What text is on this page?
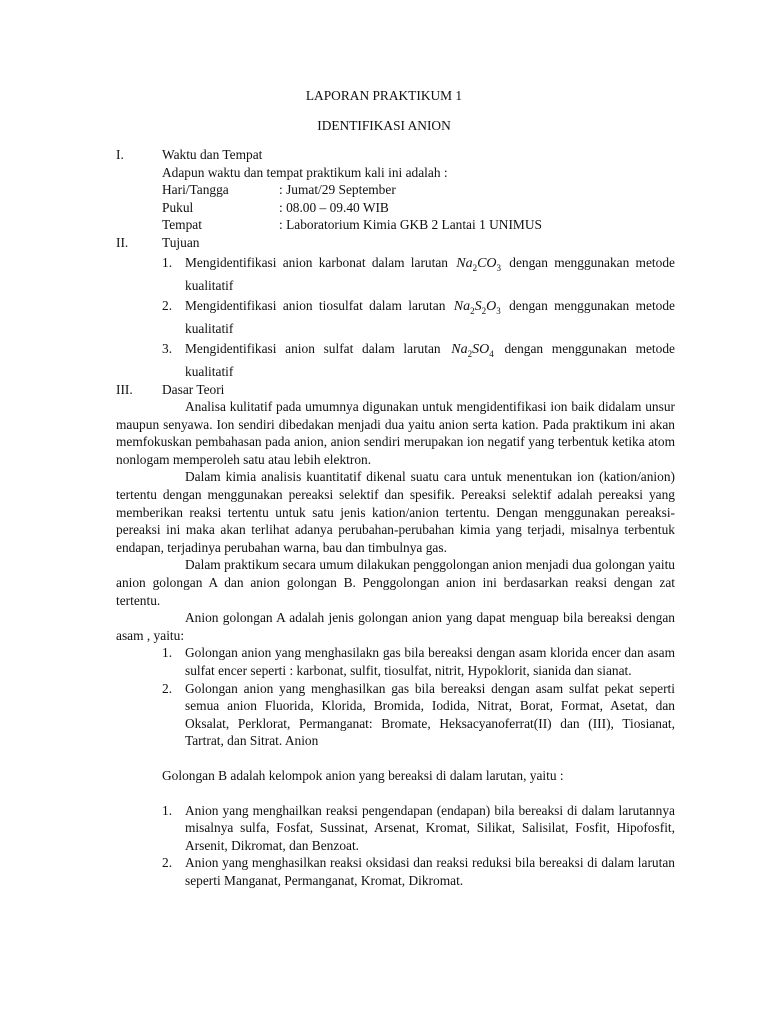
LAPORAN PRAKTIKUM 1
IDENTIFIKASI ANION
I.	Waktu dan Tempat
Adapun waktu dan tempat praktikum kali ini adalah :
Hari/Tangga	: Jumat/29 September
Pukul	: 08.00 – 09.40 WIB
Tempat	: Laboratorium Kimia GKB 2 Lantai 1 UNIMUS
II.	Tujuan
1. Mengidentifikasi anion karbonat dalam larutan $Na_2CO_3$ dengan menggunakan metode kualitatif
2. Mengidentifikasi anion tiosulfat dalam larutan $Na_2S_2O_3$ dengan menggunakan metode kualitatif
3. Mengidentifikasi anion sulfat dalam larutan $Na_2SO_4$ dengan menggunakan metode kualitatif
III.	Dasar Teori
Analisa kulitatif pada umumnya digunakan untuk mengidentifikasi ion baik didalam unsur maupun senyawa. Ion sendiri dibedakan menjadi dua yaitu anion serta kation. Pada praktikum ini akan memfokuskan pembahasan pada anion, anion sendiri merupakan ion negatif yang terbentuk ketika atom nonlogam memperoleh satu atau lebih elektron.
Dalam kimia analisis kuantitatif dikenal suatu cara untuk menentukan ion (kation/anion) tertentu dengan menggunakan pereaksi selektif dan spesifik. Pereaksi selektif adalah pereaksi yang memberikan reaksi tertentu untuk satu jenis kation/anion tertentu. Dengan menggunakan pereaksi-pereaksi ini maka akan terlihat adanya perubahan-perubahan kimia yang terjadi, misalnya terbentuk endapan, terjadinya perubahan warna, bau dan timbulnya gas.
Dalam praktikum secara umum dilakukan penggolongan anion menjadi dua golongan yaitu anion golongan A dan anion golongan B. Penggolongan anion ini berdasarkan reaksi dengan zat tertentu.
Anion golongan A adalah jenis golongan anion yang dapat menguap bila bereaksi dengan asam , yaitu:
1. Golongan anion yang menghasilakn gas bila bereaksi dengan asam klorida encer dan asam sulfat encer seperti : karbonat, sulfit, tiosulfat, nitrit, Hypoklorit, sianida dan sianat.
2. Golongan anion yang menghasilkan gas bila bereaksi dengan asam sulfat pekat seperti semua anion Fluorida, Klorida, Bromida, Iodida, Nitrat, Borat, Format, Asetat, dan Oksalat, Perklorat, Permanganat: Bromate, Heksacyanoferrat(II) dan (III), Tiosianat, Tartrat, dan Sitrat. Anion
Golongan B adalah kelompok anion yang bereaksi di dalam larutan, yaitu :
1. Anion yang menghailkan reaksi pengendapan (endapan) bila bereaksi di dalam larutannya misalnya sulfa, Fosfat, Sussinat, Arsenat, Kromat, Silikat, Salisilat, Fosfit, Hipofosfit, Arsenit, Dikromat, dan Benzoat.
2. Anion yang menghasilkan reaksi oksidasi dan reaksi reduksi bila bereaksi di dalam larutan seperti Manganat, Permanganat, Kromat, Dikromat.
